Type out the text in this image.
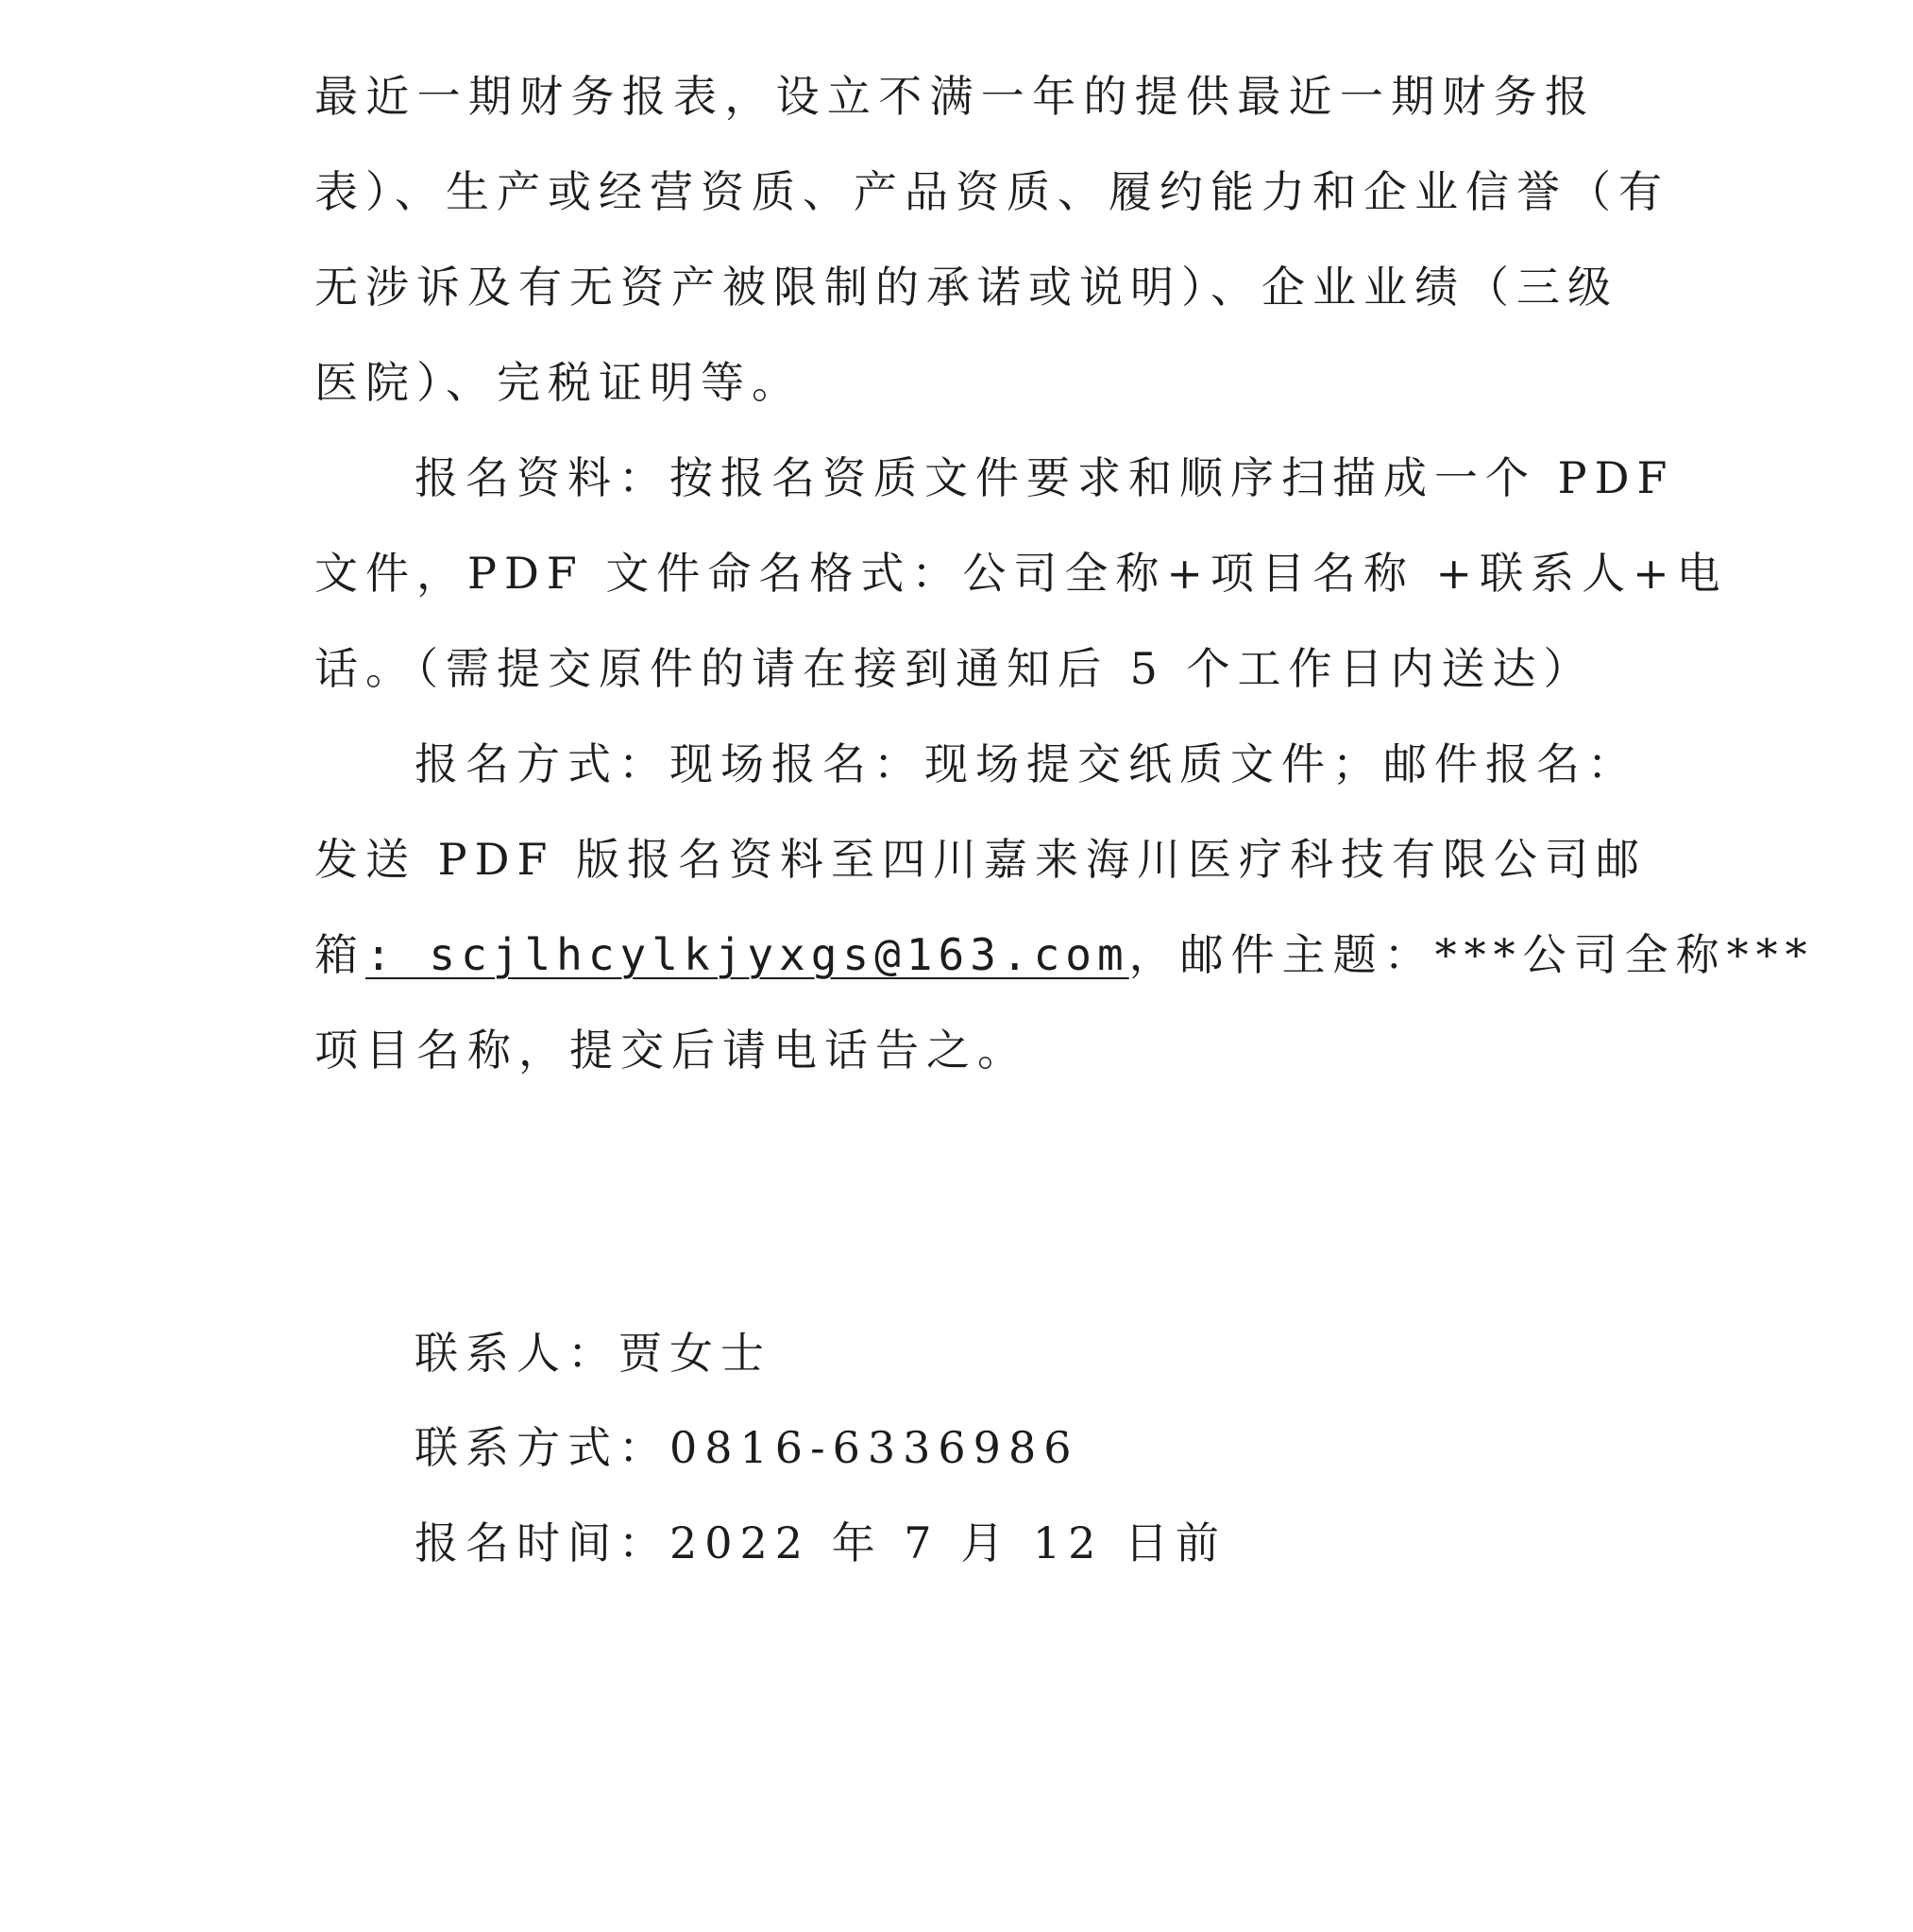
最近一期财务报表，设立不满一年的提供最近一期财务报
表）、生产或经营资质、产品资质、履约能力和企业信誉（有
无涉诉及有无资产被限制的承诺或说明）、企业业绩（三级
医院）、完税证明等。
报名资料：按报名资质文件要求和顺序扫描成一个 PDF
文件，PDF 文件命名格式：公司全称+项目名称 +联系人+电
话。（需提交原件的请在接到通知后 5 个工作日内送达）
报名方式：现场报名：现场提交纸质文件；邮件报名：
发送 PDF 版报名资料至四川嘉来海川医疗科技有限公司邮
箱: scjlhcylkjyxgs@163.com，邮件主题：***公司全称***
项目名称，提交后请电话告之。
联系人：贾女士
联系方式：0816-6336986
报名时间：2022 年 7 月 12 日前
